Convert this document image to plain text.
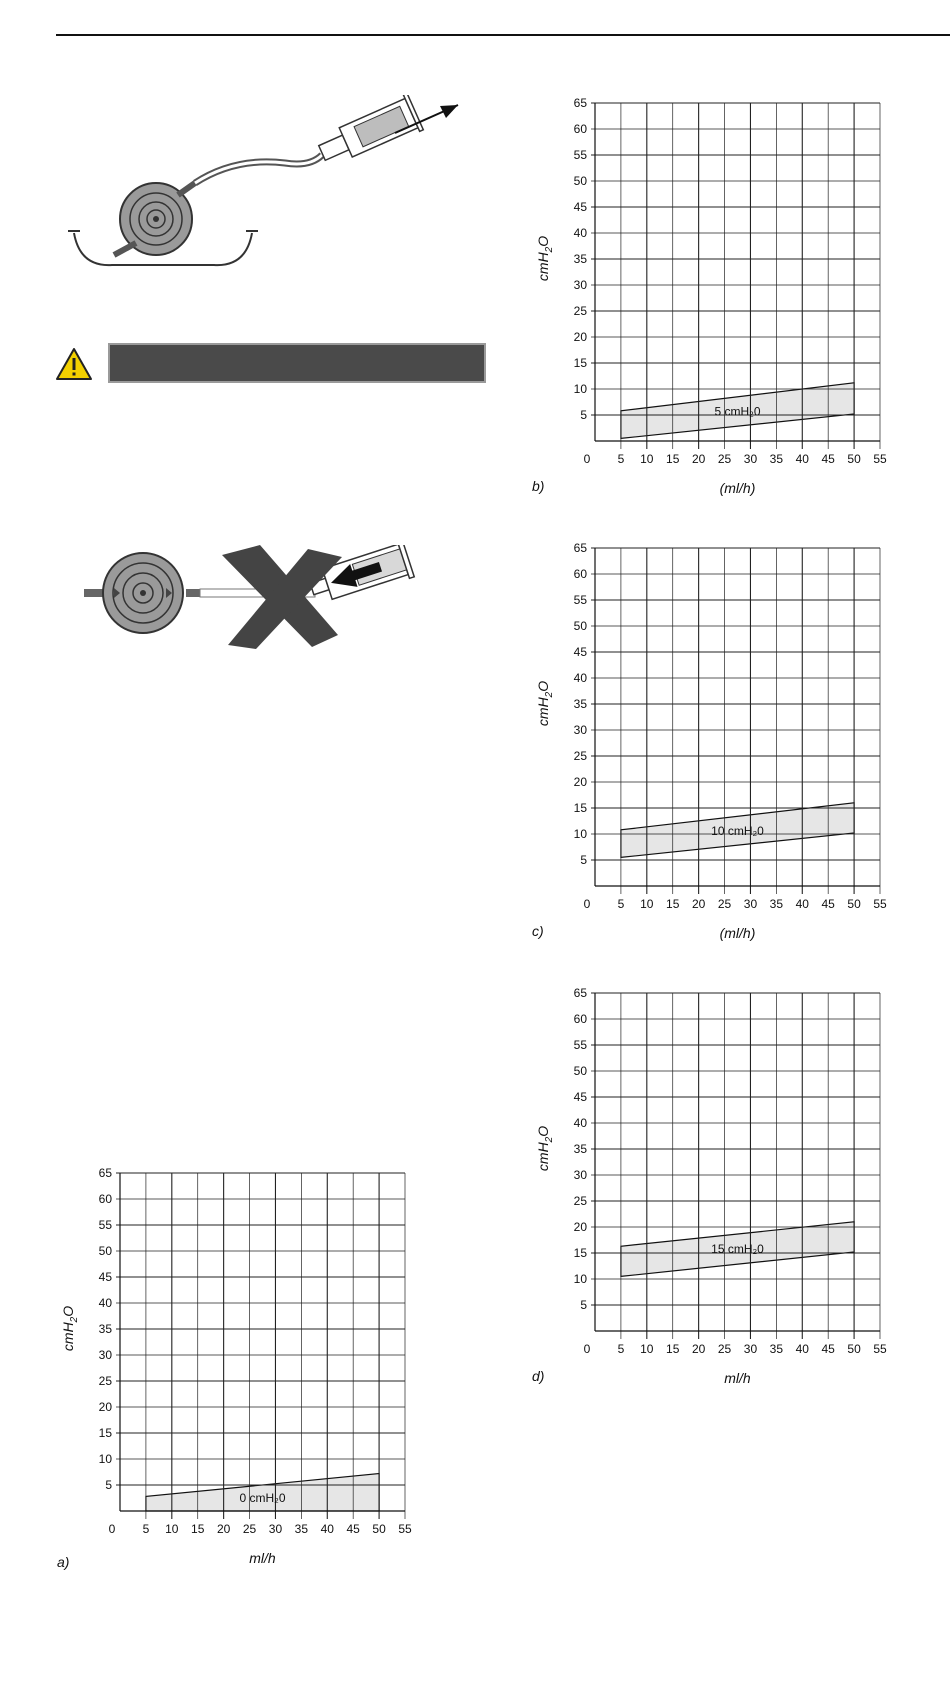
5
10
15
20
25
30
35
40
45
50
55
60
65
0 5 10 15 20 25 30 35 40 45 50 55
0 cmH₂0
ml/h
cmH$_2$O
a)
5
10
15
20
25
30
35
40
45
50
55
60
65
0 5 10 15 20 25 30 35 40 45 50 55
5 cmH₂0
(ml/h)
cmH$_2$O
b)
5
10
15
20
25
30
35
40
45
50
55
60
65
0 5 10 15 20 25 30 35 40 45 50 55
10 cmH₂0
(ml/h)
cmH$_2$O
c)
5
10
15
20
25
30
35
40
45
50
55
60
65
0 5 10 15 20 25 30 35 40 45 50 55
15 cmH₂0
ml/h
cmH$_2$O
d)
